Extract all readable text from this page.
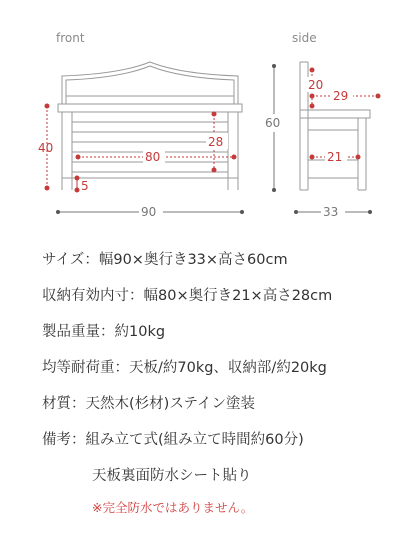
front	side
40
5
80
28
90
60
20
29
21
33
サイズ：幅90×奥行き33×高さ60cm
収納有効内寸：幅80×奥行き21×高さ28cm
製品重量：約10kg
均等耐荷重：天板/約70kg、収納部/約20kg
材質：天然木(杉材)ステイン塗装
備考：組み立て式(組み立て時間約60分)
天板裏面防水シート貼り
※完全防水ではありません。
